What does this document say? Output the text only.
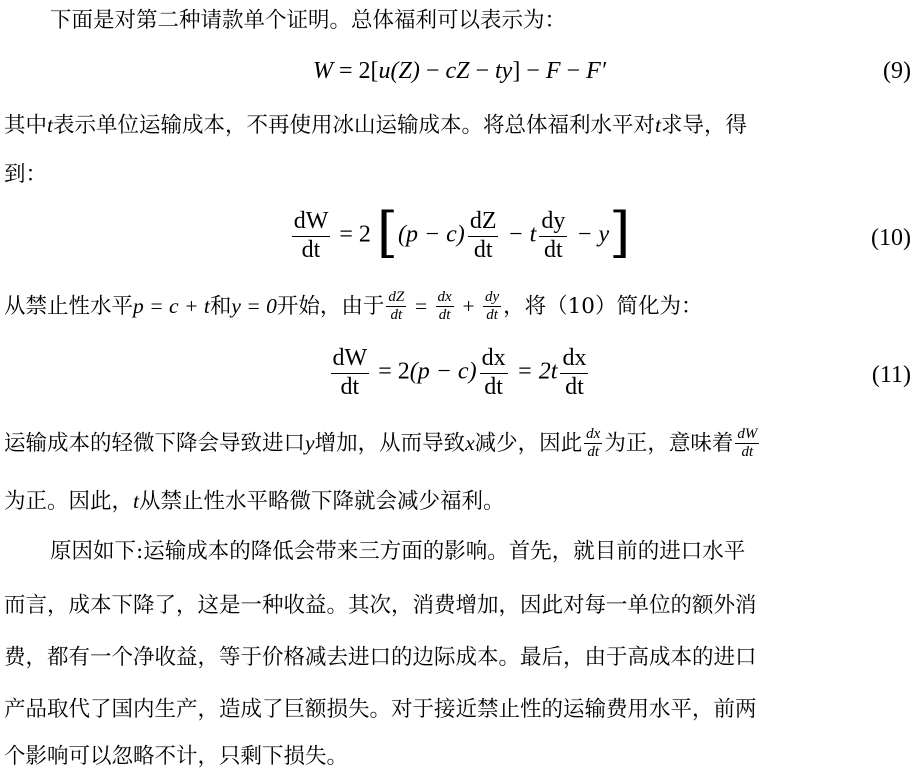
下面是对第二种请款单个证明。总体福利可以表示为：
W = 2[u(Z) − cZ − ty] − F − F′	(9)
其中t表示单位运输成本，不再使用冰山运输成本。将总体福利水平对t求导，得
到：
$\frac{dW}{dt} = 2$ $[(p - c) \frac{dZ}{dt} - t \frac{dy}{dt} - y]$	(10)
从禁止性水平p = c + t和y = 0开始，由于 $\frac{dZ}{dt} = \frac{dx}{dt} + \frac{dy}{dt}$ ，将（10）简化为：
$\frac{dW}{dt} = 2(p - c) \frac{dx}{dt} = 2t \frac{dx}{dt}$	(11)
运输成本的轻微下降会导致进口y增加，从而导致x减少，因此 $\frac{dx}{dt}$ 为正，意味着 $\frac{dW}{dt}$
为正。因此，t从禁止性水平略微下降就会减少福利。
原因如下:运输成本的降低会带来三方面的影响。首先，就目前的进口水平
而言，成本下降了，这是一种收益。其次，消费增加，因此对每一单位的额外消
费，都有一个净收益，等于价格减去进口的边际成本。最后，由于高成本的进口
产品取代了国内生产，造成了巨额损失。对于接近禁止性的运输费用水平，前两
个影响可以忽略不计，只剩下损失。
